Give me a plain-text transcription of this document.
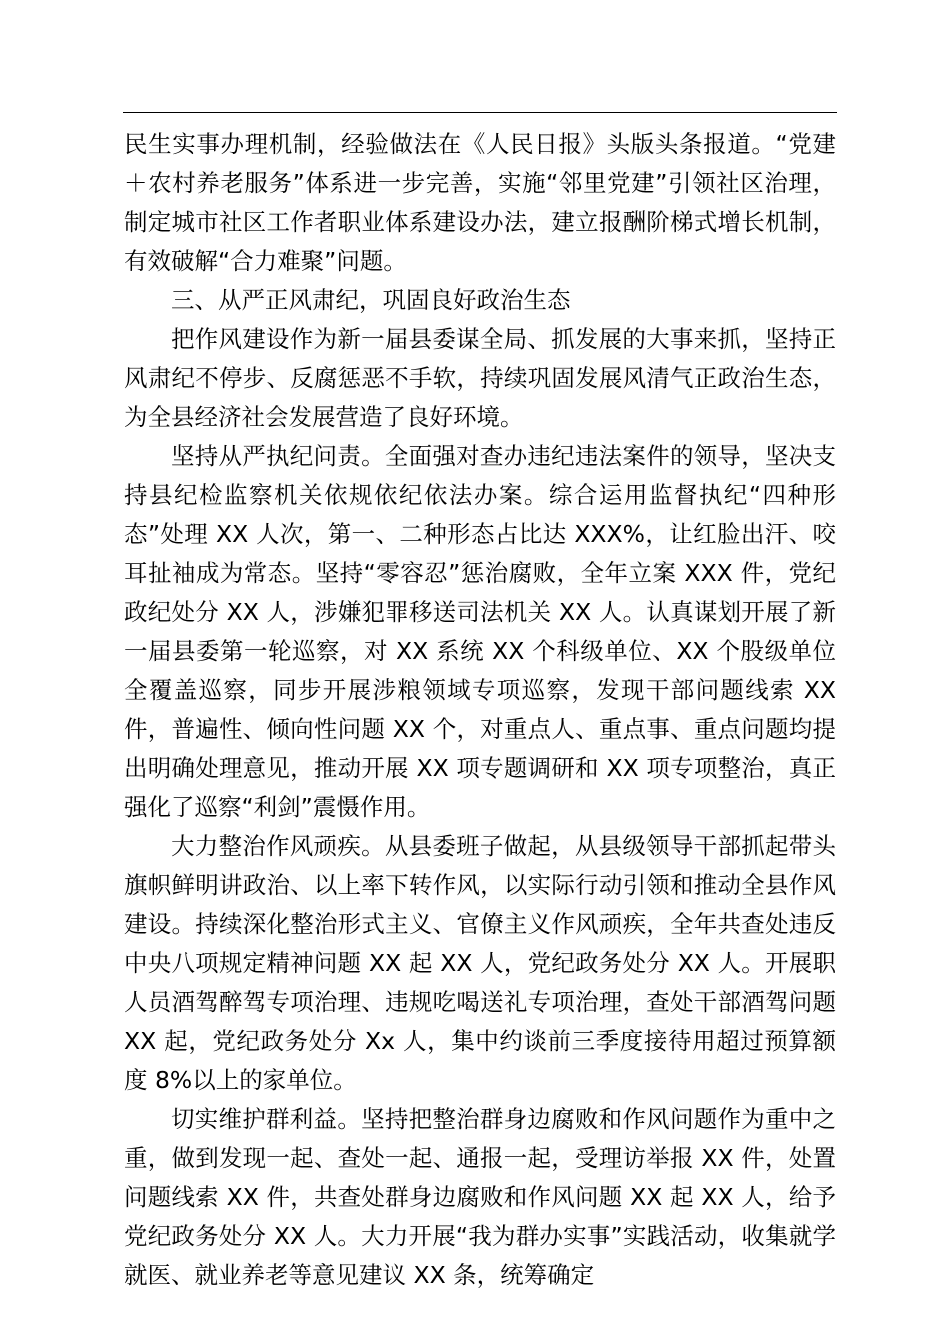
民生实事办理机制，经验做法在《人民日报》头版头条报道。“党建＋农村养老服务”体系进一步完善，实施“邻里党建”引领社区治理，制定城市社区工作者职业体系建设办法，建立报酬阶梯式增长机制，有效破解“合力难聚”问题。

三、从严正风肃纪，巩固良好政治生态

把作风建设作为新一届县委谋全局、抓发展的大事来抓，坚持正风肃纪不停步、反腐惩恶不手软，持续巩固发展风清气正政治生态，为全县经济社会发展营造了良好环境。

坚持从严执纪问责。全面强对查办违纪违法案件的领导，坚决支持县纪检监察机关依规依纪依法办案。综合运用监督执纪“四种形态”处理 XX 人次，第一、二种形态占比达 XXX%，让红脸出汗、咬耳扯袖成为常态。坚持“零容忍”惩治腐败，全年立案 XXX 件，党纪政纪处分 XX 人，涉嫌犯罪移送司法机关 XX 人。认真谋划开展了新一届县委第一轮巡察，对 XX 系统 XX 个科级单位、XX 个股级单位全覆盖巡察，同步开展涉粮领域专项巡察，发现干部问题线索 XX 件，普遍性、倾向性问题 XX 个，对重点人、重点事、重点问题均提出明确处理意见，推动开展 XX 项专题调研和 XX 项专项整治，真正强化了巡察“利剑”震慑作用。

大力整治作风顽疾。从县委班子做起，从县级领导干部抓起带头旗帜鲜明讲政治、以上率下转作风，以实际行动引领和推动全县作风建设。持续深化整治形式主义、官僚主义作风顽疾，全年共查处违反中央八项规定精神问题 XX 起 XX 人，党纪政务处分 XX 人。开展职人员酒驾醉驾专项治理、违规吃喝送礼专项治理，查处干部酒驾问题 XX 起，党纪政务处分 Xx 人，集中约谈前三季度接待用超过预算额度 8%以上的家单位。

切实维护群利益。坚持把整治群身边腐败和作风问题作为重中之重，做到发现一起、查处一起、通报一起，受理访举报 XX 件，处置问题线索 XX 件，共查处群身边腐败和作风问题 XX 起 XX 人，给予党纪政务处分 XX 人。大力开展“我为群办实事”实践活动，收集就学就医、就业养老等意见建议 XX 条，统筹确定
